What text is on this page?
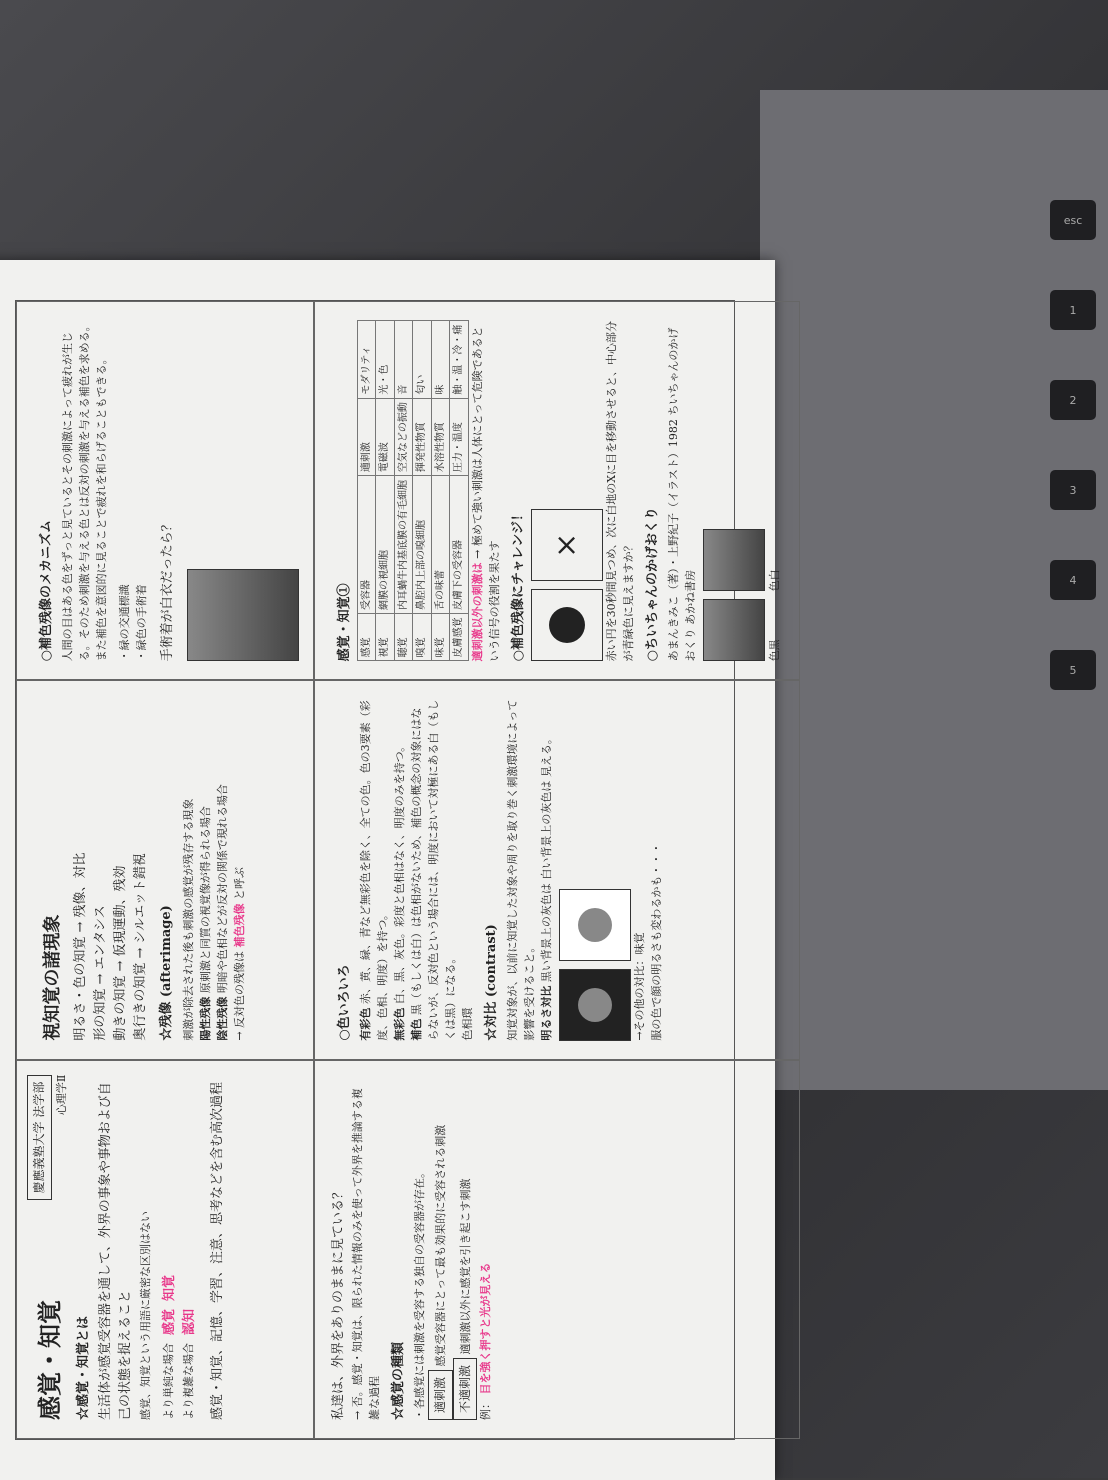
esc
1
2
3
4
5
慶應義塾大学 法学部 心理学Ⅱ
感覚・知覚 ☆感覚・知覚とは 生活体が感覚受容器を通して、外界の事象や事物および自己の状態を捉えること 感覚、知覚という用語に厳密な区別はない より単純な場合
感覚
知覚
より複雑な場合
認知 感覚・知覚、記憶、学習、注意、思考などを含む高次過程
視知覚の諸現象 明るさ・色の知覚 → 残像、対比 形の知覚 → エンタシス 動きの知覚 → 仮現運動、残効 奥行きの知覚 → シルエット錯視 ☆残像 (afterimage) 刺激が除去された後も刺激の感覚が残存する現象 陽性残像 原刺激と同質の視覚像が得られる場合
陰性残像 明暗や色相などが反対の関係で現れる場合
→ 反対色の残像は 補色残像 と呼ぶ
○補色残像のメカニズム 人間の目はある色をずっと見ているとその刺激によって疲れが生じる。そのため刺激を与える色とは反対の刺激を与える補色を求める。 また補色を意図的に見ることで疲れを和らげることもできる。 ・緑の交通標識 ・緑色の手術着 手術着が白衣だったら？
私達は、外界をありのままに見ている？ → 否。感覚・知覚は、限られた情報のみを使って外界を推論する複雑な過程 ☆感覚の種類 ・各感覚には刺激を受容する独自の受容器が存在。 適刺激 感覚受容器にとって最も効果的に受容される刺激
不適刺激 適刺激以外に感覚を引き起こす刺激
例： 目を強く押すと光が見える
○色いろいろ 有彩色 赤、黄、緑、青など無彩色を除く、全ての色。色の3要素（彩度、色相、明度）を持つ。 無彩色 白、黒、灰色。彩度と色相はなく、明度のみを持つ。
補色 黒（もしくは白）は色相がないため、補色の概念の対象にはならないが、反対色という場合には、明度において対極にある白（もしくは黒）になる。 色相環 ☆対比 (contrast) 知覚対象が、以前に知覚した対象や周りを取り巻く刺激環境によって影響を受けること。 明るさ対比 黒い背景上の灰色は 白い背景上の灰色は 見える。
→その他の対比：味覚 服の色で顔の明るさも変わるかも・・・
感覚・知覚① 感覚	受容器	適刺激	モダリティ
視覚	網膜の視細胞	電磁波	光・色
聴覚	内耳蝸牛内基底膜の有毛細胞	空気などの振動	音
嗅覚	鼻腔内上部の嗅細胞	揮発性物質	匂い
味覚	舌の味蕾	水溶性物質	味
皮膚感覚	皮膚下の受容器	圧力・温度	触・温・冷・痛
適刺激以外の刺激は → 極めて強い刺激は人体にとって危険であるという信号の役割を果たす ○補色残像にチャレンジ！ ×	赤い円を30秒間見つめ、次に白地のXに目を移動させると、中心部分が青緑色に見えますか？ ○ちいちゃんのかげおくり あまんきみこ（著）・上野紀子（イラスト）1982 ちいちゃんのかげおくり あかね書房	色黒
色白
